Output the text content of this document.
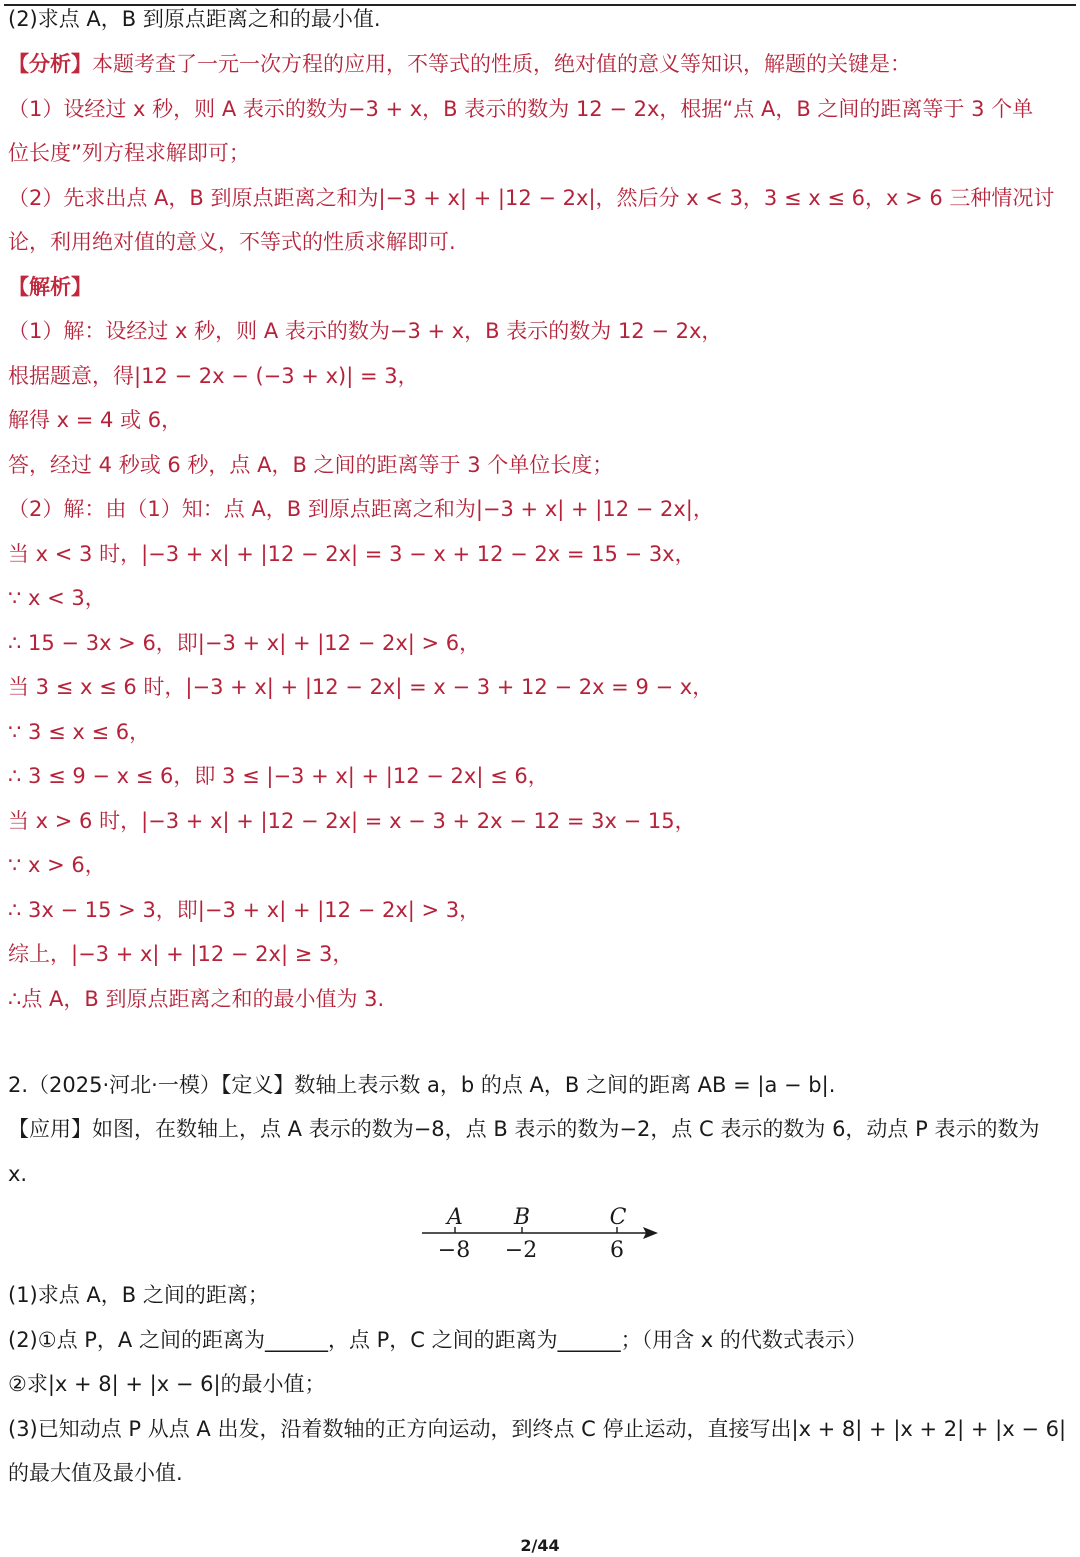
(2)求点 A，B 到原点距离之和的最小值.
【分析】本题考查了一元一次方程的应用，不等式的性质，绝对值的意义等知识，解题的关键是：
（1）设经过 x 秒，则 A 表示的数为−3 + x，B 表示的数为 12 − 2x，根据“点 A，B 之间的距离等于 3 个单
位长度”列方程求解即可；
（2）先求出点 A，B 到原点距离之和为|−3 + x| + |12 − 2x|，然后分 x < 3，3 ≤ x ≤ 6，x > 6 三种情况讨
论，利用绝对值的意义，不等式的性质求解即可.
【解析】
（1）解：设经过 x 秒，则 A 表示的数为−3 + x，B 表示的数为 12 − 2x，
根据题意，得|12 − 2x − (−3 + x)| = 3，
解得 x = 4 或 6，
答，经过 4 秒或 6 秒，点 A，B 之间的距离等于 3 个单位长度；
（2）解：由（1）知：点 A，B 到原点距离之和为|−3 + x| + |12 − 2x|，
当 x < 3 时，|−3 + x| + |12 − 2x| = 3 − x + 12 − 2x = 15 − 3x，
∵ x < 3，
∴ 15 − 3x > 6，即|−3 + x| + |12 − 2x| > 6，
当 3 ≤ x ≤ 6 时，|−3 + x| + |12 − 2x| = x − 3 + 12 − 2x = 9 − x，
∵ 3 ≤ x ≤ 6，
∴ 3 ≤ 9 − x ≤ 6，即 3 ≤ |−3 + x| + |12 − 2x| ≤ 6，
当 x > 6 时，|−3 + x| + |12 − 2x| = x − 3 + 2x − 12 = 3x − 15，
∵ x > 6，
∴ 3x − 15 > 3，即|−3 + x| + |12 − 2x| > 3，
综上，|−3 + x| + |12 − 2x| ≥ 3，
∴点 A，B 到原点距离之和的最小值为 3.
2.（2025·河北·一模）【定义】数轴上表示数 a，b 的点 A，B 之间的距离 AB = |a − b|.
【应用】如图，在数轴上，点 A 表示的数为−8，点 B 表示的数为−2，点 C 表示的数为 6，动点 P 表示的数为
x.
A B	C
−8 −2	6
(1)求点 A，B 之间的距离；
(2)①点 P，A 之间的距离为______，点 P，C 之间的距离为______；（用含 x 的代数式表示）
②求|x + 8| + |x − 6|的最小值；
(3)已知动点 P 从点 A 出发，沿着数轴的正方向运动，到终点 C 停止运动，直接写出|x + 8| + |x + 2| + |x − 6|
的最大值及最小值.
2/44
